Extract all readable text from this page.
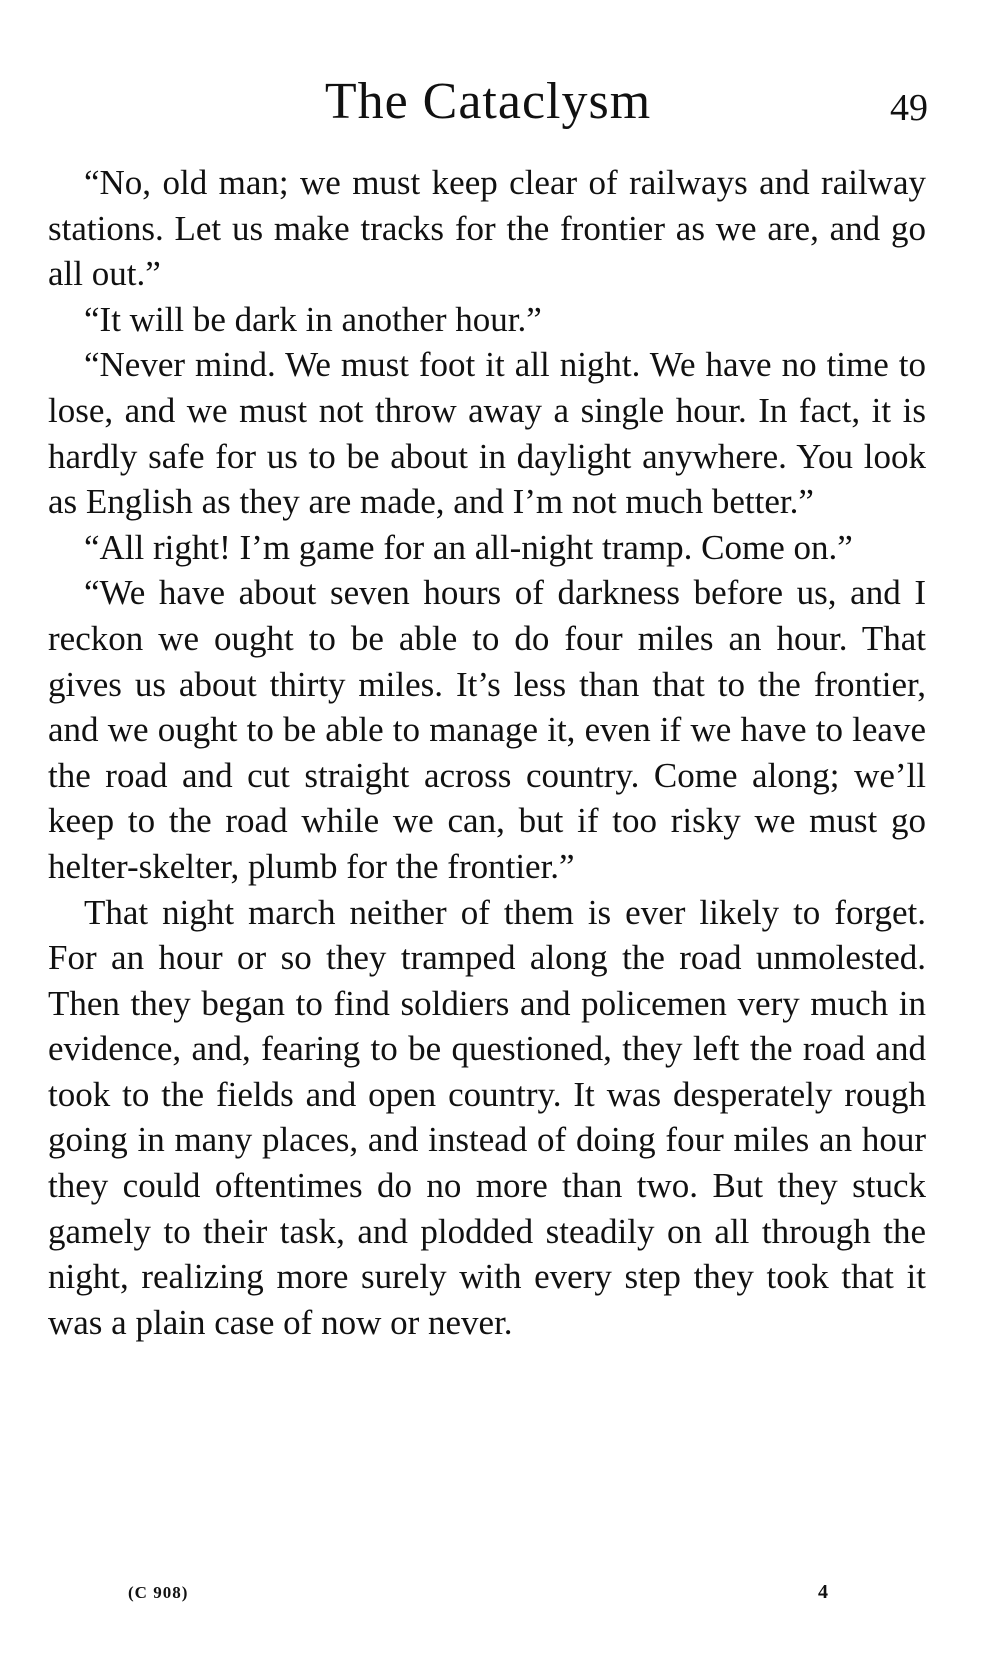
The Cataclysm	49

“No, old man; we must keep clear of railways and railway stations. Let us make tracks for the frontier as we are, and go all out.”

“It will be dark in another hour.”

“Never mind. We must foot it all night. We have no time to lose, and we must not throw away a single hour. In fact, it is hardly safe for us to be about in daylight anywhere. You look as English as they are made, and I’m not much better.”

“All right! I’m game for an all-night tramp. Come on.”

“We have about seven hours of darkness before us, and I reckon we ought to be able to do four miles an hour. That gives us about thirty miles. It’s less than that to the frontier, and we ought to be able to manage it, even if we have to leave the road and cut straight across country. Come along; we’ll keep to the road while we can, but if too risky we must go helter-skelter, plumb for the frontier.”

That night march neither of them is ever likely to forget. For an hour or so they tramped along the road unmolested. Then they began to find soldiers and policemen very much in evidence, and, fearing to be questioned, they left the road and took to the fields and open country. It was desperately rough going in many places, and instead of doing four miles an hour they could oftentimes do no more than two. But they stuck gamely to their task, and plodded steadily on all through the night, realizing more surely with every step they took that it was a plain case of now or never.

(C 908)	4
